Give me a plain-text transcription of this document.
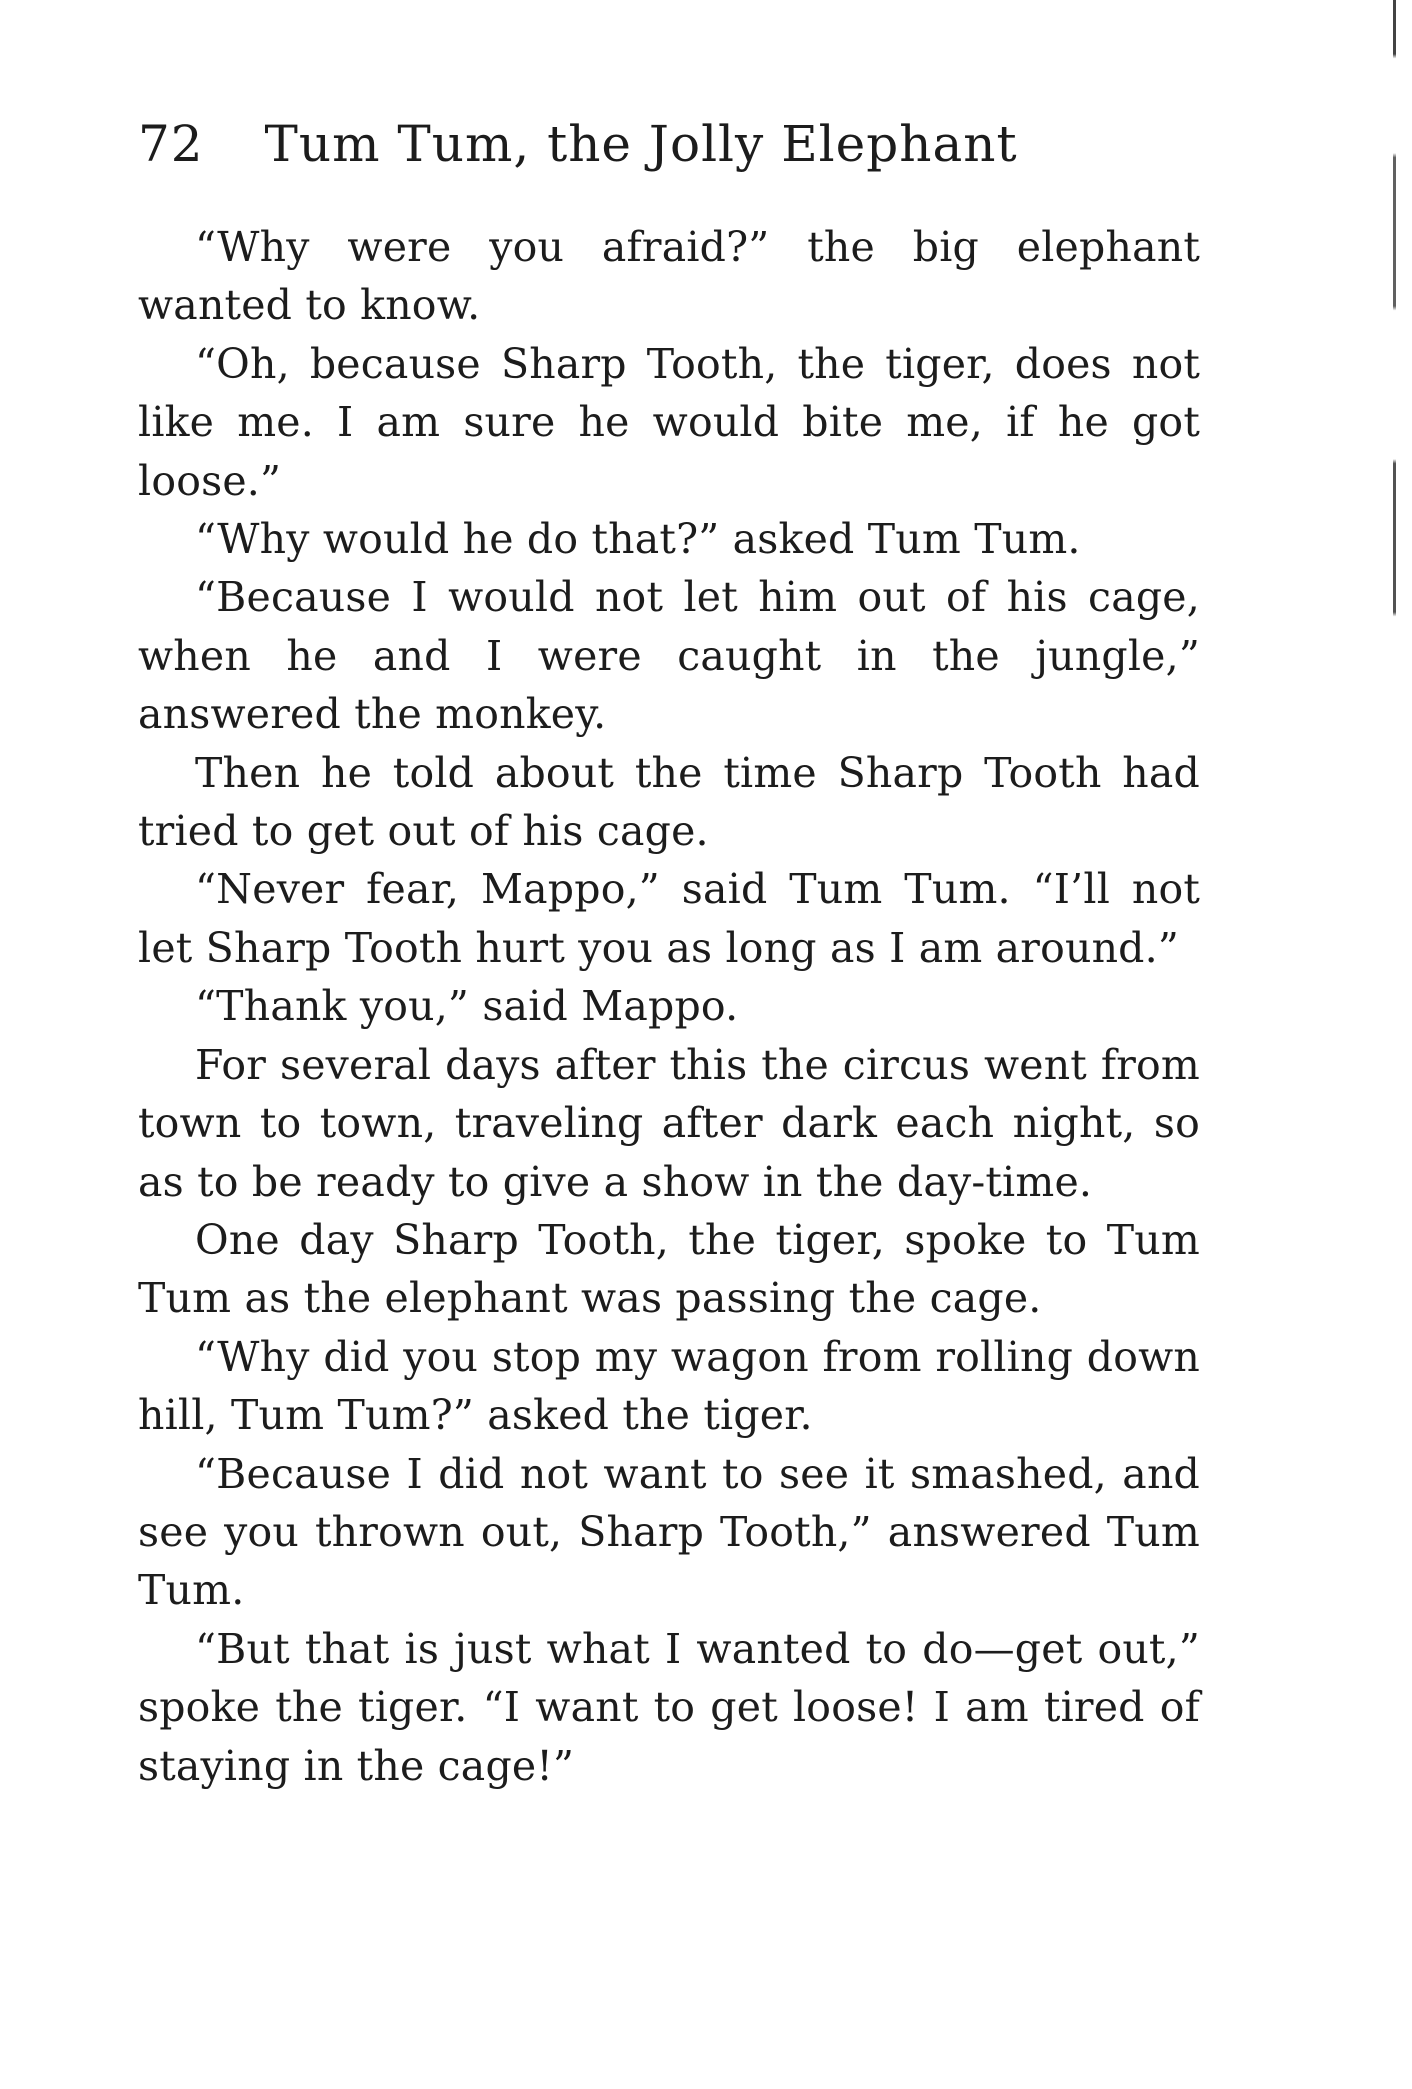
72 Tum Tum, the Jolly Elephant

“Why were you afraid?” the big elephant wanted to know.

“Oh, because Sharp Tooth, the tiger, does not like me. I am sure he would bite me, if he got loose.”

“Why would he do that?” asked Tum Tum.

“Because I would not let him out of his cage, when he and I were caught in the jungle,” answered the monkey.

Then he told about the time Sharp Tooth had tried to get out of his cage.

“Never fear, Mappo,” said Tum Tum. “I’ll not let Sharp Tooth hurt you as long as I am around.”

“Thank you,” said Mappo.

For several days after this the circus went from town to town, traveling after dark each night, so as to be ready to give a show in the day-time.

One day Sharp Tooth, the tiger, spoke to Tum Tum as the elephant was passing the cage.

“Why did you stop my wagon from rolling down hill, Tum Tum?” asked the tiger.

“Because I did not want to see it smashed, and see you thrown out, Sharp Tooth,” answered Tum Tum.

“But that is just what I wanted to do—get out,” spoke the tiger. “I want to get loose! I am tired of staying in the cage!”
